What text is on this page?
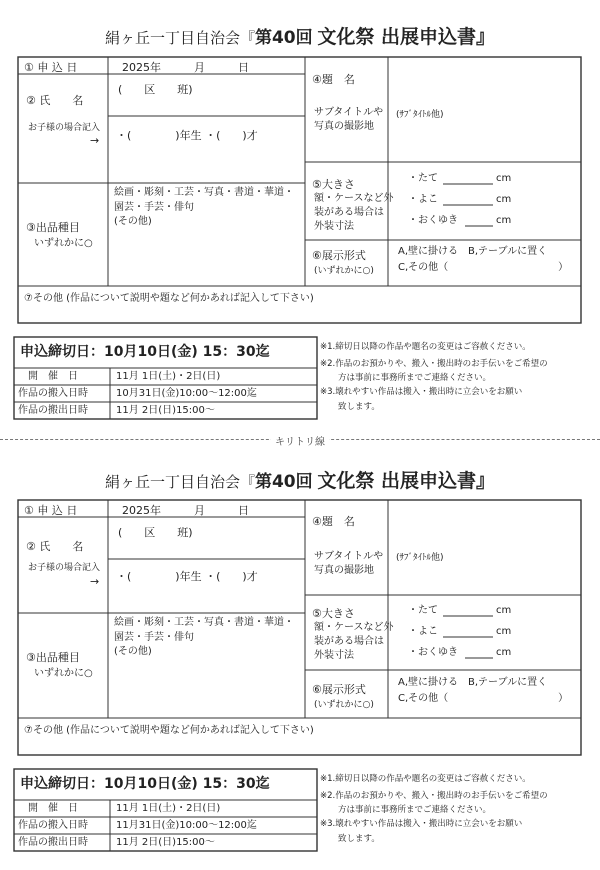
絹ヶ丘一丁目自治会『第40回 文化祭 出展申込書』
① 申 込 日	2025年　　　月　　　日
② 氏　　名
(　　区　　班)
お子様の場合記入
→ ・(　　　　)年生 ・(　　)才
③出品種目
いずれかに○
絵画・彫刻・工芸・写真・書道・華道・
園芸・手芸・俳句
(その他)
④題　名
サブタイトルや
写真の撮影地
(ｻﾌﾞﾀｲﾄﾙ他)
⑤大きさ
額・ケースなど外
装がある場合は
外装寸法
・たて	cm
・よこ	cm
・おくゆき	cm
⑥展示形式
(いずれかに○)
A,壁に掛ける　B,テーブルに置く
C,その他（　　　　　　　　　　　）
⑦その他 (作品について説明や題など何かあれば記入して下さい)
申込締切日：10月10日(金) 15：30迄
開　催　日	11月 1日(土)・2日(日)
作品の搬入日時	10月31日(金)10:00～12:00迄
作品の搬出日時	11月 2日(日)15:00～
※1.締切日以降の作品や題名の変更はご容赦ください。
※2.作品のお預かりや、搬入・搬出時のお手伝いをご希望の
方は事前に事務所までご連絡ください。
※3.壊れやすい作品は搬入・搬出時に立会いをお願い
致します。
キリトリ線
絹ヶ丘一丁目自治会『第40回 文化祭 出展申込書』
① 申 込 日	2025年　　　月　　　日
② 氏　　名
(　　区　　班)
お子様の場合記入
→ ・(　　　　)年生 ・(　　)才
③出品種目
いずれかに○
絵画・彫刻・工芸・写真・書道・華道・
園芸・手芸・俳句
(その他)
④題　名
サブタイトルや
写真の撮影地
(ｻﾌﾞﾀｲﾄﾙ他)
⑤大きさ
額・ケースなど外
装がある場合は
外装寸法
・たて	cm
・よこ	cm
・おくゆき	cm
⑥展示形式
(いずれかに○)
A,壁に掛ける　B,テーブルに置く
C,その他（　　　　　　　　　　　）
⑦その他 (作品について説明や題など何かあれば記入して下さい)
申込締切日：10月10日(金) 15：30迄
開　催　日	11月 1日(土)・2日(日)
作品の搬入日時	11月31日(金)10:00～12:00迄
作品の搬出日時	11月 2日(日)15:00～
※1.締切日以降の作品や題名の変更はご容赦ください。
※2.作品のお預かりや、搬入・搬出時のお手伝いをご希望の
方は事前に事務所までご連絡ください。
※3.壊れやすい作品は搬入・搬出時に立会いをお願い
致します。
